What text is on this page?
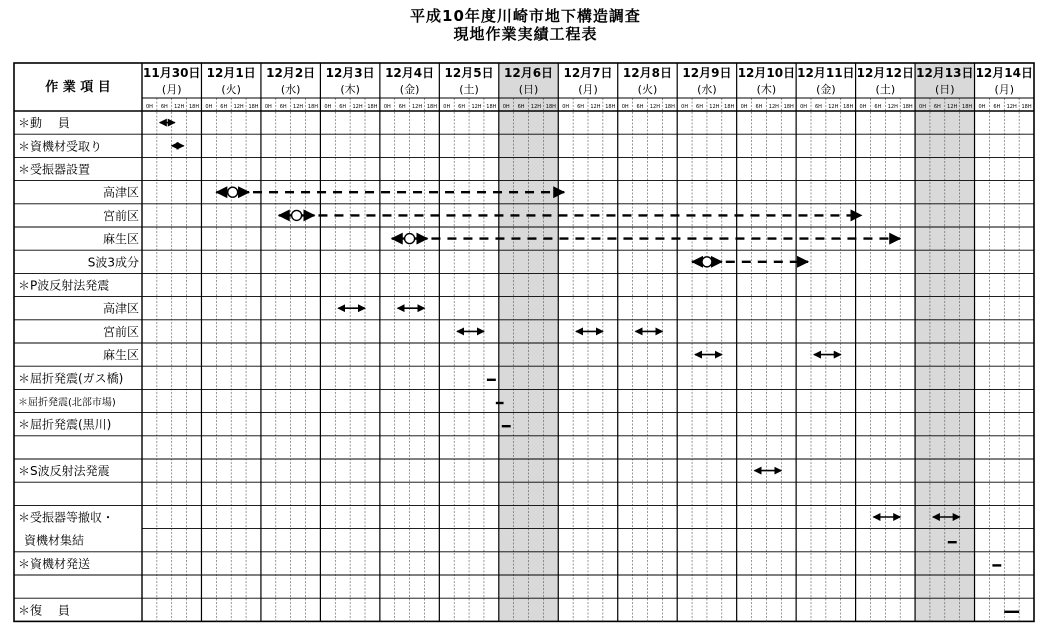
平成10年度川崎市地下構造調査
現地作業実績工程表
作 業 項 目
11月30日
(月)
0H 6H 12H 18H
12月1日
(火)
0H 6H 12H 18H
12月2日
(水)
0H 6H 12H 18H
12月3日
(木)
0H 6H 12H 18H
12月4日
(金)
0H 6H 12H 18H
12月5日
(土)
0H 6H 12H 18H
12月6日
(日)
0H 6H 12H 18H
12月7日
(月)
0H 6H 12H 18H
12月8日
(火)
0H 6H 12H 18H
12月9日
(水)
0H 6H 12H 18H
12月10日
(木)
0H 6H 12H 18H
12月11日
(金)
0H 6H 12H 18H
12月12日
(土)
0H 6H 12H 18H
12月13日
(日)
0H 6H 12H 18H
12月14日
(月)
0H 6H 12H 18H
＊動　 員
＊資機材受取り
＊受振器設置
高津区
宮前区
麻生区
S波3成分
＊P波反射法発震
高津区
宮前区
麻生区
＊屈折発震(ガス橋)
＊屈折発震(北部市場)
＊屈折発震(黒川)
＊S波反射法発震
＊受振器等撤収・
資機材集結
＊資機材発送
＊復　 員
